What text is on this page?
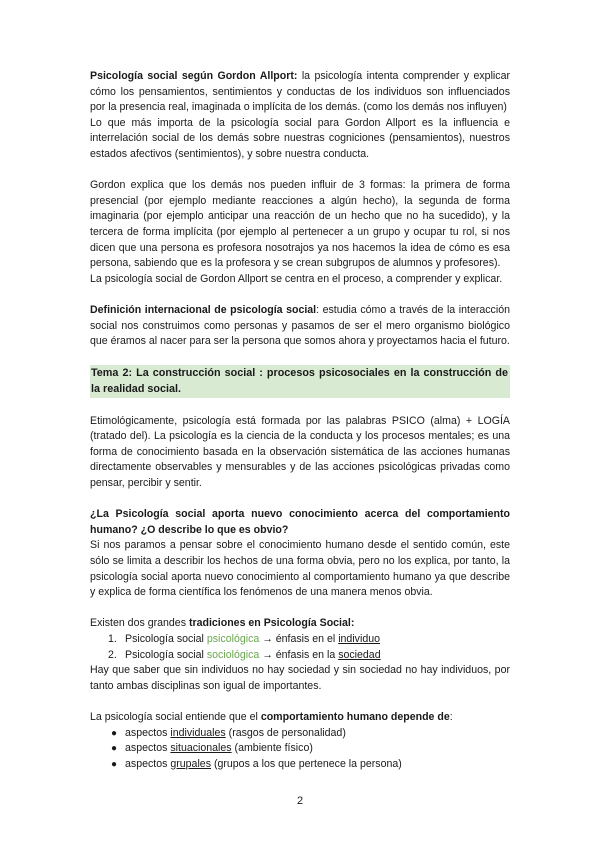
Psicología social según Gordon Allport: la psicología intenta comprender y explicar cómo los pensamientos, sentimientos y conductas de los individuos son influenciados por la presencia real, imaginada o implícita de los demás. (como los demás nos influyen)

Lo que más importa de la psicología social para Gordon Allport es la influencia e interrelación social de los demás sobre nuestras cogniciones (pensamientos), nuestros estados afectivos (sentimientos), y sobre nuestra conducta.

Gordon explica que los demás nos pueden influir de 3 formas: la primera de forma presencial (por ejemplo mediante reacciones a algún hecho), la segunda de forma imaginaria (por ejemplo anticipar una reacción de un hecho que no ha sucedido), y la tercera de forma implícita (por ejemplo al pertenecer a un grupo y ocupar tu rol, si nos dicen que una persona es profesora nosotrajos ya nos hacemos la idea de cómo es esa persona, sabiendo que es la profesora y se crean subgrupos de alumnos y profesores).

La psicología social de Gordon Allport se centra en el proceso, a comprender y explicar.

Definición internacional de psicología social: estudia cómo a través de la interacción social nos construimos como personas y pasamos de ser el mero organismo biológico que éramos al nacer para ser la persona que somos ahora y proyectamos hacia el futuro.

Tema 2: La construcción social : procesos psicosociales en la construcción de la realidad social.

Etimológicamente, psicología está formada por las palabras PSICO (alma) + LOGÍA (tratado del). La psicología es la ciencia de la conducta y los procesos mentales; es una forma de conocimiento basada en la observación sistemática de las acciones humanas directamente observables y mensurables y de las acciones psicológicas privadas como pensar, percibir y sentir.

¿La Psicología social aporta nuevo conocimiento acerca del comportamiento humano? ¿O describe lo que es obvio?

Si nos paramos a pensar sobre el conocimiento humano desde el sentido común, este sólo se limita a describir los hechos de una forma obvia, pero no los explica, por tanto, la psicología social aporta nuevo conocimiento al comportamiento humano ya que describe y explica de forma científica los fenómenos de una manera menos obvia.

Existen dos grandes tradiciones en Psicología Social:

1. Psicología social psicológica → énfasis en el individuo
2. Psicología social sociológica → énfasis en la sociedad

Hay que saber que sin individuos no hay sociedad y sin sociedad no hay individuos, por tanto ambas disciplinas son igual de importantes.

La psicología social entiende que el comportamiento humano depende de:

● aspectos individuales (rasgos de personalidad)
● aspectos situacionales (ambiente físico)
● aspectos grupales (grupos a los que pertenece la persona)
2
